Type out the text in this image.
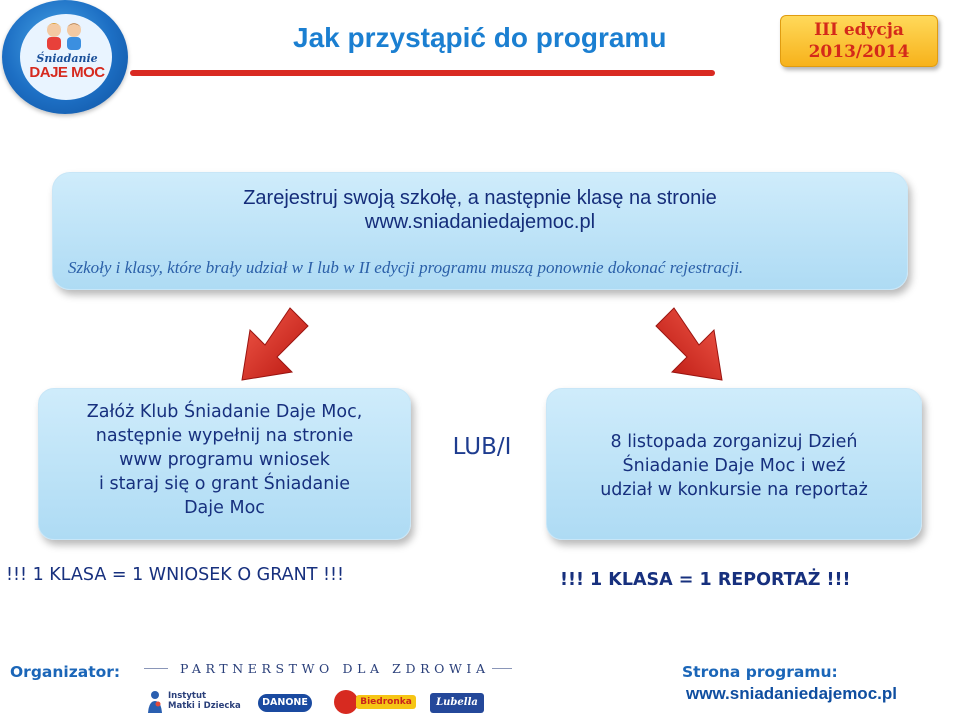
Śniadanie
DAJE MOC
Jak przystąpić do programu	III edycja
2013/2014
Zarejestruj swoją szkołę, a następnie klasę na stronie
www.sniadaniedajemoc.pl
Szkoły i klasy, które brały udział w I lub w II edycji programu muszą ponownie dokonać rejestracji.
Załóż Klub Śniadanie Daje Moc,
następnie wypełnij na stronie
www programu wniosek
i staraj się o grant Śniadanie
Daje Moc
LUB/I	8 listopada zorganizuj Dzień
Śniadanie Daje Moc i weź
udział w konkursie na reportaż
!!! 1 KLASA = 1 WNIOSEK O GRANT !!!	!!! 1 KLASA = 1 REPORTAŻ !!!
Organizator:	PARTNERSTWO DLA ZDROWIA
Instytut
Matki i Dziecka	DANONE	Biedronka	Lubella
Strona programu:
www.sniadaniedajemoc.pl
